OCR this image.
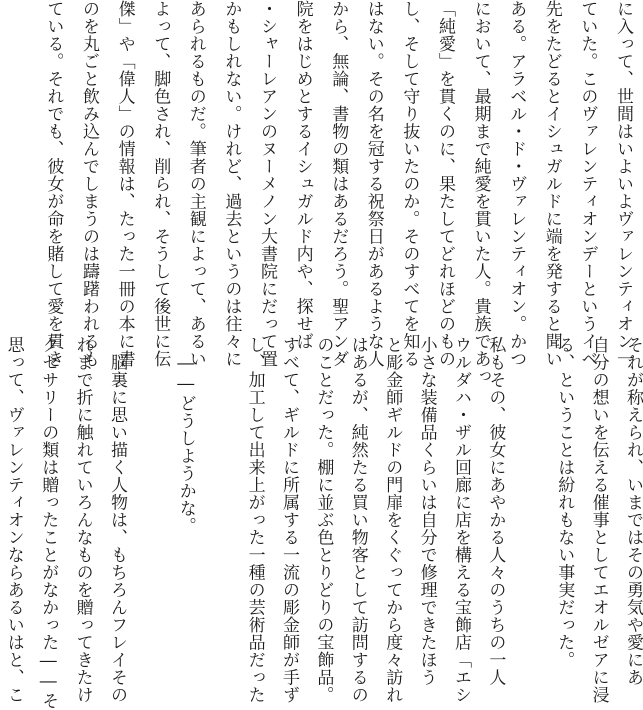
に入って、世間はいよいよヴァレンティオン一
ていた。このヴァレンティオンデーというイベ
先をたどるとイシュガルドに端を発すると聞い
ある。アラベル・ド・ヴァレンティオン。かつ
において、最期まで純愛を貫いた人。貴族であっ
「純愛」を貫くのに、果たしてどれほどのもの
し、そして守り抜いたのか。そのすべてを知る
はない。その名を冠する祝祭日があるような人
から、無論、書物の類はあるだろう。聖アンダ
院をはじめとするイシュガルド内や、探せば
・シャーレアンのヌーメノン大書院にだって置
かもしれない。けれど、過去というのは往々に
あられるものだ。筆者の主観によって、あるい
よって、脚色され、削られ、そうして後世に伝
傑」や「偉人」の情報は、たった一冊の本に書
のを丸ごと飲み込んでしまうのは躊躇われるも
ている。それでも、彼女が命を賭して愛を貫き
それが称えられ、いまではその勇気や愛にあ
自分の想いを伝える催事としてエオルゼアに浸
る、ということは紛れもない事実だった。
私もその、彼女にあやかる人々のうちの一人
ウルダハ・ザル回廊に店を構える宝飾店「エシ
小さな装備品くらいは自分で修理できたほう
と彫金師ギルドの門扉をくぐってから度々訪れ
はあるが、純然たる買い物客として訪問するの
のことだった。棚に並ぶ色とりどりの宝飾品。
すべて、ギルドに所属する一流の彫金師が手ず
し、加工して出来上がった一種の芸術品だった
　――どうしようかな。
　脳裏に思い描く人物は、もちろんフレイその
れまで折に触れていろんなものを贈ってきたけ
クセサリーの類は贈ったことがなかった――そ
思って、ヴァレンティオンならあるいはと、こ
